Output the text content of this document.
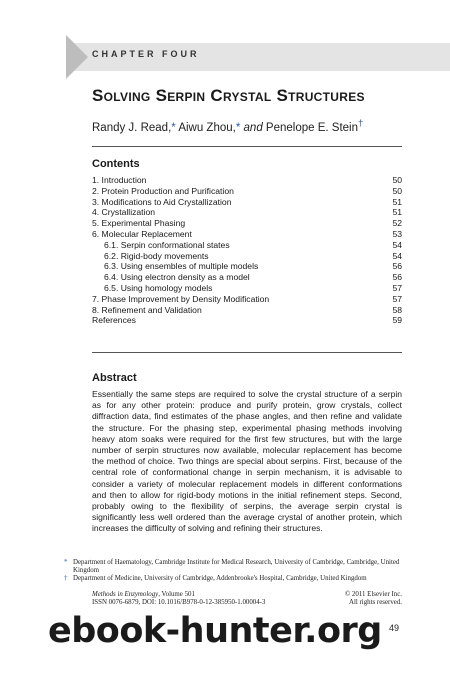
CHAPTER FOUR
Solving Serpin Crystal Structures
Randy J. Read,* Aiwu Zhou,* and Penelope E. Stein†
Contents
1. Introduction	50
2. Protein Production and Purification	50
3. Modifications to Aid Crystallization	51
4. Crystallization	51
5. Experimental Phasing	52
6. Molecular Replacement	53
6.1. Serpin conformational states	54
6.2. Rigid-body movements	54
6.3. Using ensembles of multiple models	56
6.4. Using electron density as a model	56
6.5. Using homology models	57
7. Phase Improvement by Density Modification	57
8. Refinement and Validation	58
References	59
Abstract
Essentially the same steps are required to solve the crystal structure of a serpin as for any other protein: produce and purify protein, grow crystals, collect diffraction data, find estimates of the phase angles, and then refine and validate the structure. For the phasing step, experimental phasing methods involving heavy atom soaks were required for the first few structures, but with the large number of serpin structures now available, molecular replacement has become the method of choice. Two things are special about serpins. First, because of the central role of conformational change in serpin mechanism, it is advisable to consider a variety of molecular replacement models in different conformations and then to allow for rigid-body motions in the initial refinement steps. Second, probably owing to the flexibility of serpins, the average serpin crystal is significantly less well ordered than the average crystal of another protein, which increases the difficulty of solving and refining their structures.
* Department of Haematology, Cambridge Institute for Medical Research, University of Cambridge, Cambridge, United Kingdom
† Department of Medicine, University of Cambridge, Addenbrooke's Hospital, Cambridge, United Kingdom
Methods in Enzymology, Volume 501	© 2011 Elsevier Inc.
ISSN 0076-6879, DOI: 10.1016/B978-0-12-385950-1.00004-3	All rights reserved.
49
ebook-hunter.org
